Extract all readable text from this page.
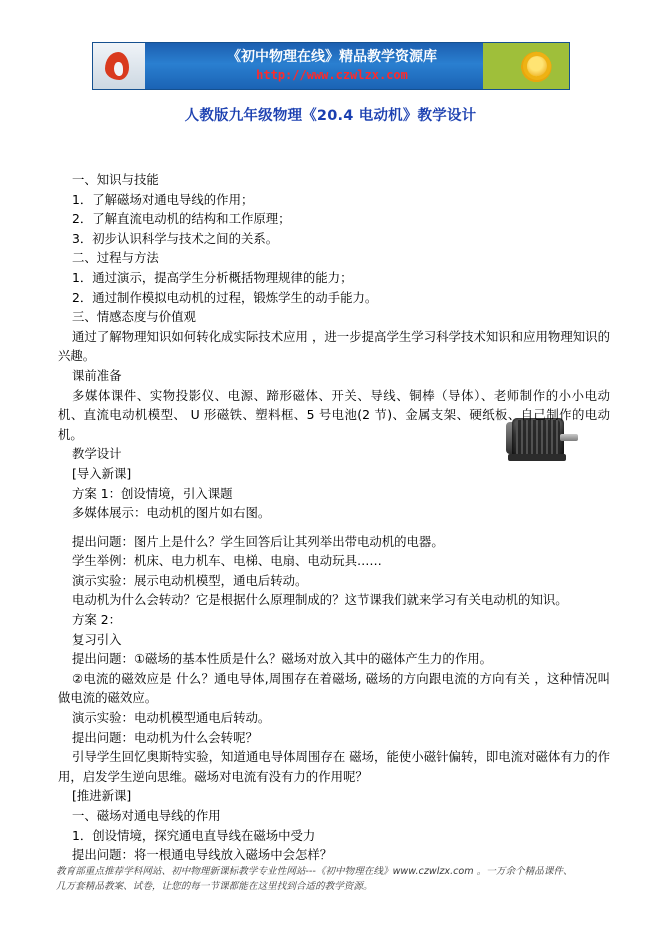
《初中物理在线》精品教学资源库
http://www.czwlzx.com
人教版九年级物理《20.4 电动机》教学设计

一、知识与技能

1．了解磁场对通电导线的作用；

2．了解直流电动机的结构和工作原理；

3．初步认识科学与技术之间的关系。

二、过程与方法

1．通过演示，提高学生分析概括物理规律的能力；

2．通过制作模拟电动机的过程，锻炼学生的动手能力。

三、情感态度与价值观

通过了解物理知识如何转化成实际技术应用 ，进一步提高学生学习科学技术知识和应用物理知识的兴趣。

课前准备

多媒体课件、实物投影仪、电源、蹄形磁体、开关、导线、铜棒（导体）、老师制作的小小电动机、直流电动机模型、 U 形磁铁、塑料框、5 号电池(2 节)、金属支架、硬纸板、自己制作的电动机。

教学设计

[导入新课]

方案 1：创设情境，引入课题

多媒体展示：电动机的图片如右图。

提出问题：图片上是什么？学生回答后让其列举出带电动机的电器。

学生举例：机床、电力机车、电梯、电扇、电动玩具……

演示实验：展示电动机模型，通电后转动。

电动机为什么会转动？它是根据什么原理制成的？这节课我们就来学习有关电动机的知识。

方案 2：

复习引入

提出问题：①磁场的基本性质是什么？磁场对放入其中的磁体产生力的作用。

②电流的磁效应是 什么？通电导体,周围存在着磁场, 磁场的方向跟电流的方向有关 ，这种情况叫做电流的磁效应。

演示实验：电动机模型通电后转动。

提出问题：电动机为什么会转呢？

引导学生回忆奥斯特实验，知道通电导体周围存在 磁场，能使小磁针偏转，即电流对磁体有力的作用，启发学生逆向思维。磁场对电流有没有力的作用呢？

[推进新课]

一、磁场对通电导线的作用

1．创设情境，探究通电直导线在磁场中受力

提出问题：将一根通电导线放入磁场中会怎样？

教育部重点推荐学科网站、初中物理新课标教学专业性网站---《初中物理在线》www.czwlzx.com 。一万余个精品课件、

几万套精品教案、试卷，让您的每一节课都能在这里找到合适的教学资源。
